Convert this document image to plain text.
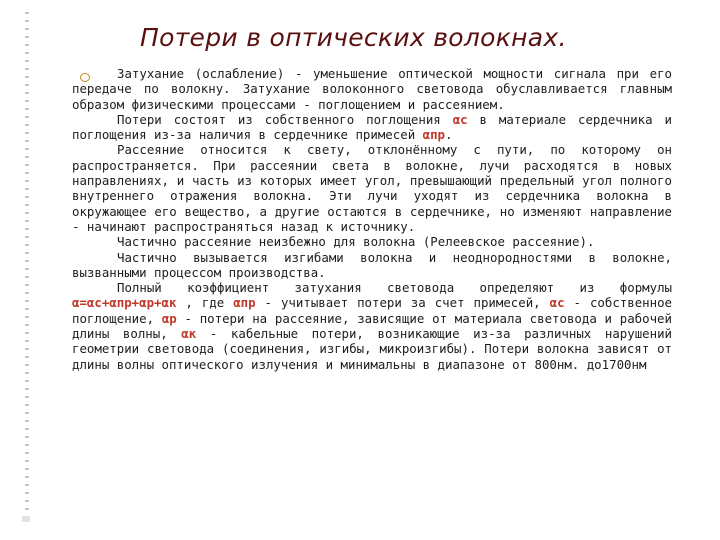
Потери в оптических волокнах.

Затухание (ослабление) - уменьшение оптической мощности сигнала при его передаче по волокну. Затухание волоконного световода обуславливается главным образом физическими процессами - поглощением и рассеянием.

Потери состоят из собственного поглощения αс в материале сердечника и поглощения из-за наличия в сердечнике примесей αпр.

Рассеяние относится к свету, отклонённому с пути, по которому он распространяется. При рассеянии света в волокне, лучи расходятся в новых направлениях, и часть из которых имеет угол, превышающий предельный угол полного внутреннего отражения волокна. Эти лучи уходят из сердечника волокна в окружающее его вещество, а другие остаются в сердечнике, но изменяют направление - начинают распространяться назад к источнику.

Частично рассеяние неизбежно для волокна (Релеевское рассеяние).

Частично вызывается изгибами волокна и неоднородностями в волокне, вызванными процессом производства.

Полный коэффициент затухания световода определяют из формулы α=αс+αпр+αр+αк , где αпр - учитывает потери за счет примесей, αс - собственное поглощение, αр - потери на рассеяние, зависящие от материала световода и рабочей длины волны, αк - кабельные потери, возникающие из-за различных нарушений геометрии световода (соединения, изгибы, микроизгибы). Потери волокна зависят от длины волны оптического излучения и минимальны в диапазоне от 800нм. до1700нм
